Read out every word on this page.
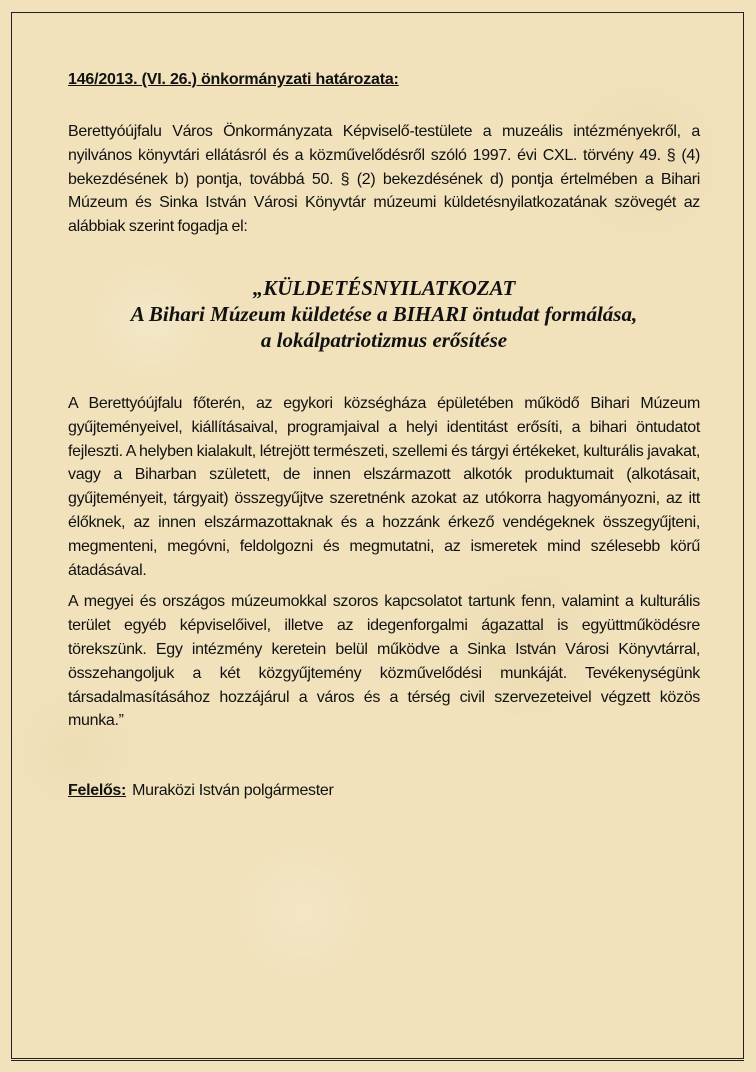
146/2013. (VI. 26.) önkormányzati határozata:

Berettyóújfalu Város Önkormányzata Képviselő-testülete a muzeális intézményekről, a nyilvános könyvtári ellátásról és a közművelődésről szóló 1997. évi CXL. törvény 49. § (4) bekezdésének b) pontja, továbbá 50. § (2) bekezdésének d) pontja értelmében a Bihari Múzeum és Sinka István Városi Könyvtár múzeumi küldetésnyilatkozatának szövegét az alábbiak szerint fogadja el:

„KÜLDETÉSNYILATKOZAT
A Bihari Múzeum küldetése a BIHARI öntudat formálása,
a lokálpatriotizmus erősítése

A Berettyóújfalu főterén, az egykori községháza épületében működő Bihari Múzeum gyűjteményeivel, kiállításaival, programjaival a helyi identitást erősíti, a bihari öntudatot fejleszti. A helyben kialakult, létrejött természeti, szellemi és tárgyi értékeket, kulturális javakat, vagy a Biharban született, de innen elszármazott alkotók produktumait (alkotásait, gyűjteményeit, tárgyait) összegyűjtve szeretnénk azokat az utókorra hagyományozni, az itt élőknek, az innen elszármazottaknak és a hozzánk érkező vendégeknek összegyűjteni, megmenteni, megóvni, feldolgozni és megmutatni, az ismeretek mind szélesebb körű átadásával.

A megyei és országos múzeumokkal szoros kapcsolatot tartunk fenn, valamint a kulturális terület egyéb képviselőivel, illetve az idegenforgalmi ágazattal is együttműködésre törekszünk. Egy intézmény keretein belül működve a Sinka István Városi Könyvtárral, összehangoljuk a két közgyűjtemény közművelődési munkáját. Tevékenységünk társadalmasításához hozzájárul a város és a térség civil szervezeteivel végzett közös munka.”

Felelős: Muraközi István polgármester
